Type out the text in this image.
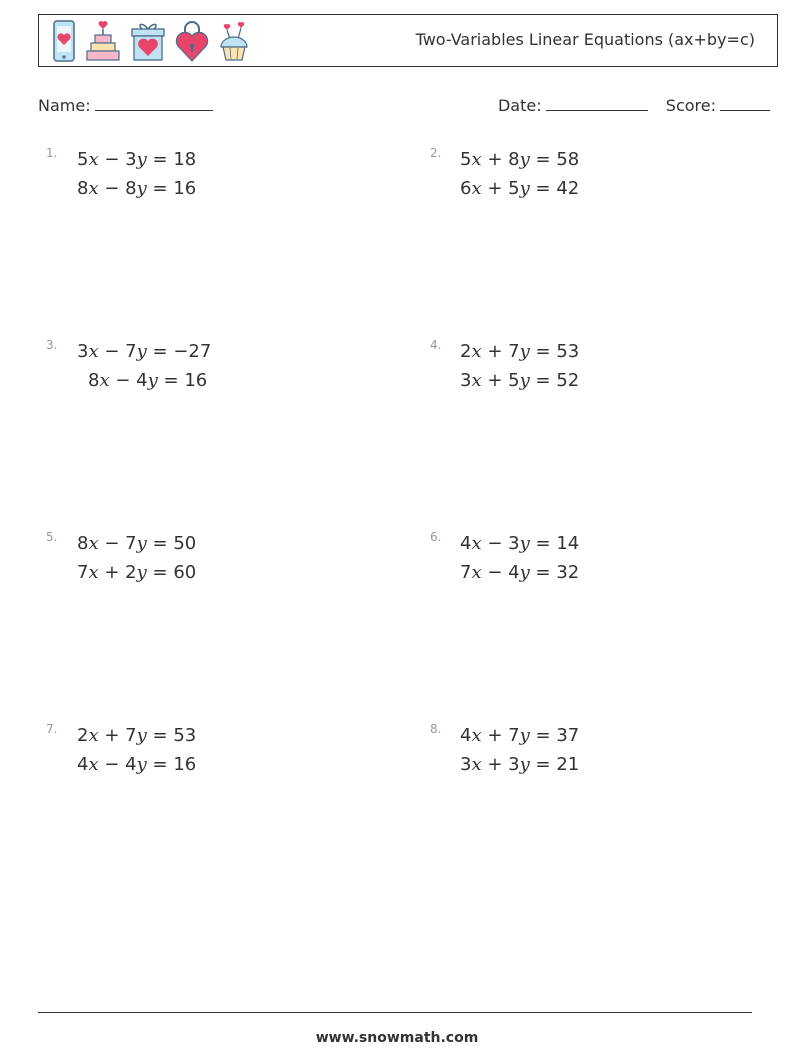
Two-Variables Linear Equations (ax+by=c)
Name:	Date:	Score:
1. 5x − 3y = 18
8x − 8y = 16
2. 5x + 8y = 58
6x + 5y = 42
3. 3x − 7y = −27
8x − 4y = 16
4. 2x + 7y = 53
3x + 5y = 52
5. 8x − 7y = 50
7x + 2y = 60
6. 4x − 3y = 14
7x − 4y = 32
7. 2x + 7y = 53
4x − 4y = 16
8. 4x + 7y = 37
3x + 3y = 21
www.snowmath.com
